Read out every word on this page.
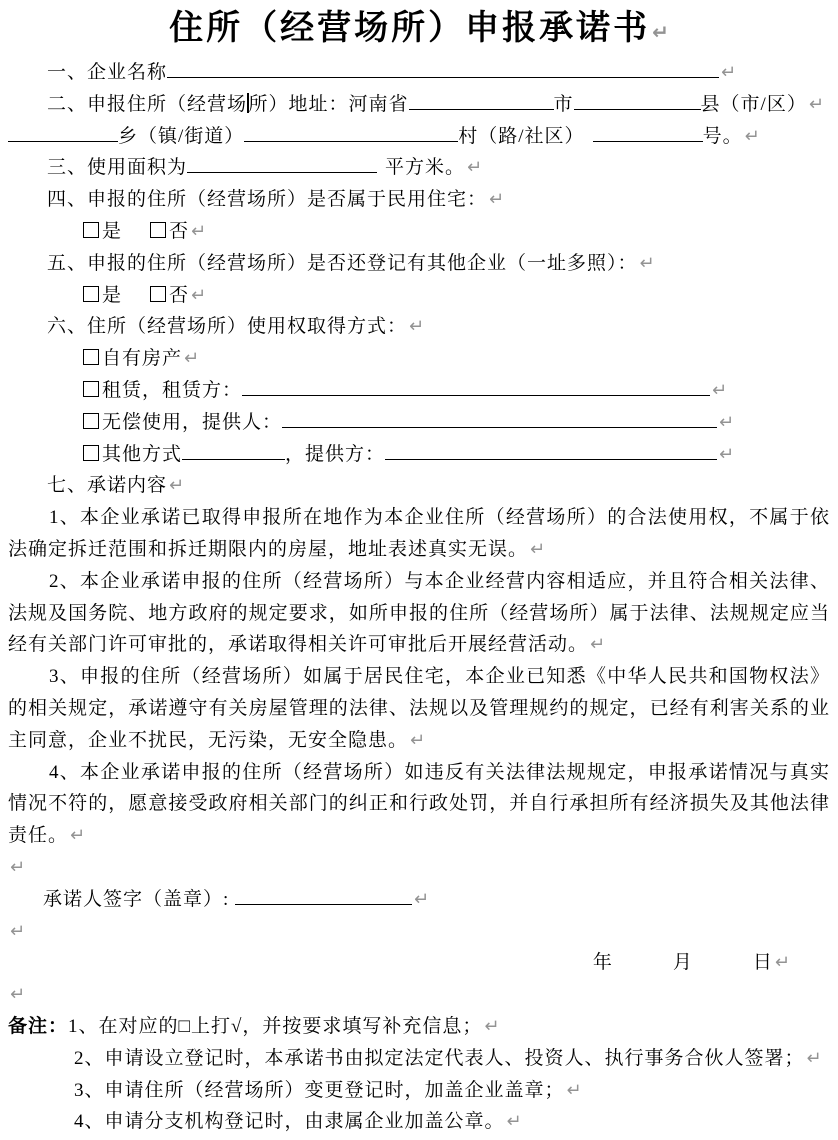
住所（经营场所）申报承诺书 ↵
一、企业名称	↵
二、申报住所（经营场所）地址：河南省	市	县（市/区） ↵
乡（镇/街道）	村（路/社区）	号。 ↵
三、使用面积为	平方米。 ↵
四、申报的住所（经营场所）是否属于民用住宅： ↵
是 否 ↵
五、申报的住所（经营场所）是否还登记有其他企业（一址多照）： ↵
是 否 ↵
六、住所（经营场所）使用权取得方式： ↵
自有房产 ↵
租赁，租赁方：	↵
无偿使用，提供人：	↵
其他方式	，提供方：	↵
七、承诺内容 ↵
1、本企业承诺已取得申报所在地作为本企业住所（经营场所）的合法使用权，不属于依法确定拆迁范围和拆迁期限内的房屋，地址表述真实无误。 ↵
2、本企业承诺申报的住所（经营场所）与本企业经营内容相适应，并且符合相关法律、法规及国务院、地方政府的规定要求，如所申报的住所（经营场所）属于法律、法规规定应当经有关部门许可审批的，承诺取得相关许可审批后开展经营活动。 ↵
3、申报的住所（经营场所）如属于居民住宅，本企业已知悉《中华人民共和国物权法》的相关规定，承诺遵守有关房屋管理的法律、法规以及管理规约的规定，已经有利害关系的业主同意，企业不扰民，无污染，无安全隐患。 ↵
4、本企业承诺申报的住所（经营场所）如违反有关法律法规规定，申报承诺情况与真实情况不符的，愿意接受政府相关部门的纠正和行政处罚，并自行承担所有经济损失及其他法律责任。 ↵
↵
承诺人签字（盖章）:	↵
↵
年　　　月　　　日 ↵
↵
备注：1、在对应的□上打√，并按要求填写补充信息； ↵
2、申请设立登记时，本承诺书由拟定法定代表人、投资人、执行事务合伙人签署； ↵
3、申请住所（经营场所）变更登记时，加盖企业盖章； ↵
4、申请分支机构登记时，由隶属企业加盖公章。 ↵
